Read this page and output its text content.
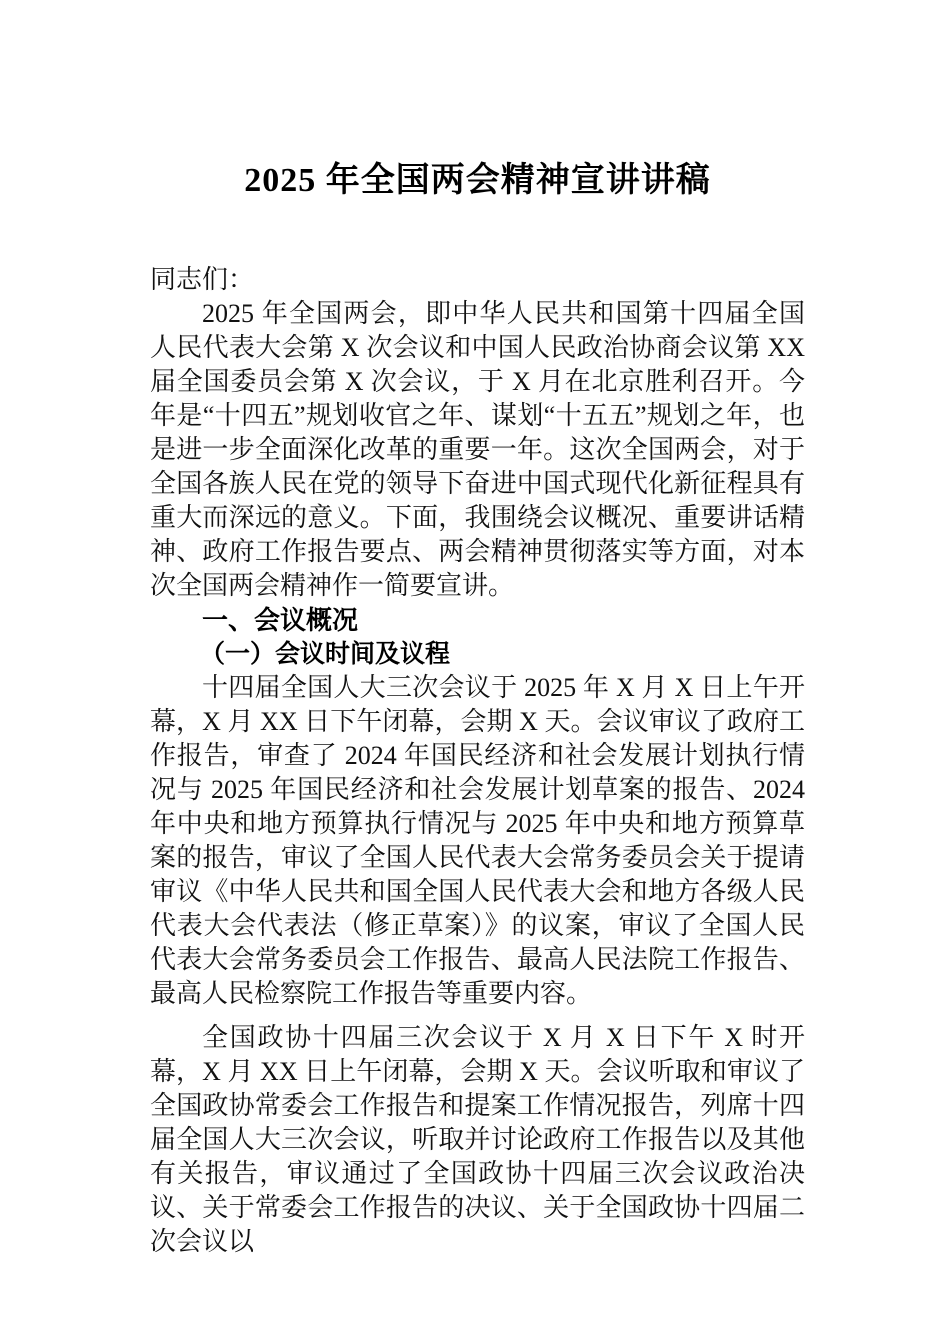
2025 年全国两会精神宣讲讲稿

同志们：

2025 年全国两会，即中华人民共和国第十四届全国人民代表大会第 X 次会议和中国人民政治协商会议第 XX 届全国委员会第 X 次会议，于 X 月在北京胜利召开。今年是“十四五”规划收官之年、谋划“十五五”规划之年，也是进一步全面深化改革的重要一年。这次全国两会，对于全国各族人民在党的领导下奋进中国式现代化新征程具有重大而深远的意义。下面，我围绕会议概况、重要讲话精神、政府工作报告要点、两会精神贯彻落实等方面，对本次全国两会精神作一简要宣讲。

一、会议概况
（一）会议时间及议程

十四届全国人大三次会议于 2025 年 X 月 X 日上午开幕，X 月 XX 日下午闭幕，会期 X 天。会议审议了政府工作报告，审查了 2024 年国民经济和社会发展计划执行情况与 2025 年国民经济和社会发展计划草案的报告、2024 年中央和地方预算执行情况与 2025 年中央和地方预算草案的报告，审议了全国人民代表大会常务委员会关于提请审议《中华人民共和国全国人民代表大会和地方各级人民代表大会代表法（修正草案）》的议案，审议了全国人民代表大会常务委员会工作报告、最高人民法院工作报告、最高人民检察院工作报告等重要内容。

全国政协十四届三次会议于 X 月 X 日下午 X 时开幕，X 月 XX 日上午闭幕，会期 X 天。会议听取和审议了全国政协常委会工作报告和提案工作情况报告，列席十四届全国人大三次会议，听取并讨论政府工作报告以及其他有关报告，审议通过了全国政协十四届三次会议政治决议、关于常委会工作报告的决议、关于全国政协十四届二次会议以
